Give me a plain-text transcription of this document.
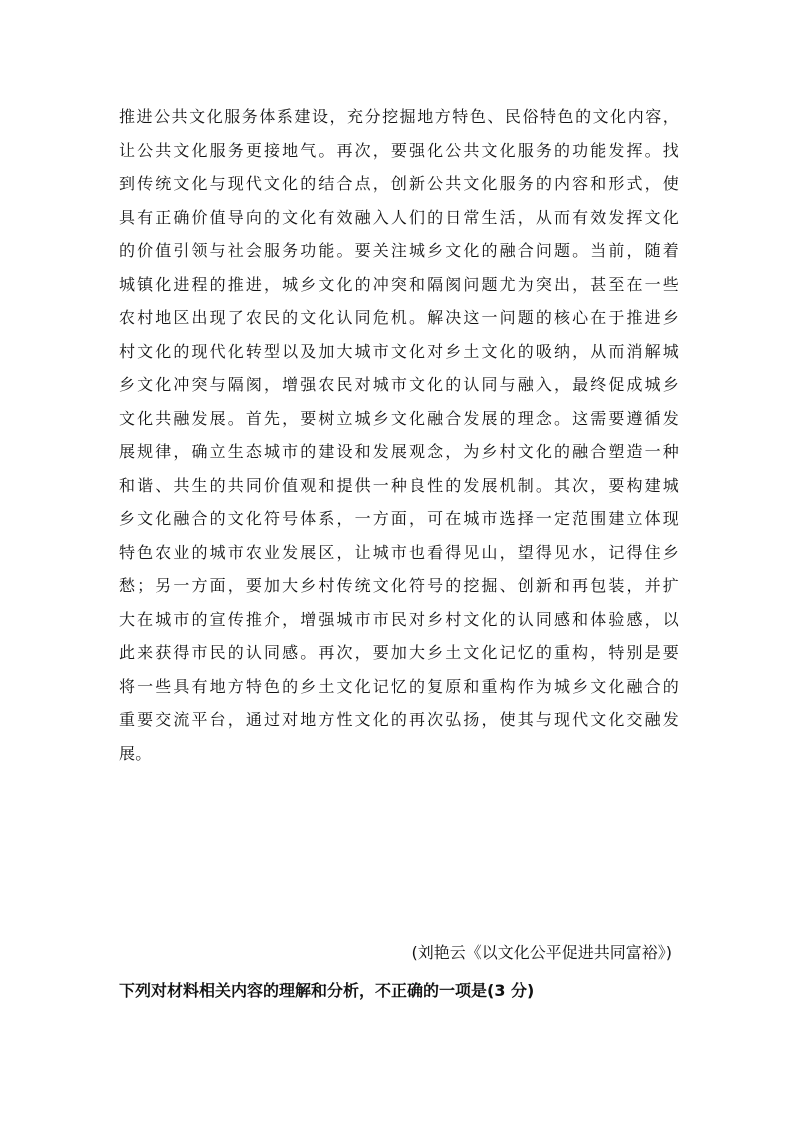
推进公共文化服务体系建设，充分挖掘地方特色、民俗特色的文化内容，
让公共文化服务更接地气。再次，要强化公共文化服务的功能发挥。找
到传统文化与现代文化的结合点，创新公共文化服务的内容和形式，使
具有正确价值导向的文化有效融入人们的日常生活，从而有效发挥文化
的价值引领与社会服务功能。要关注城乡文化的融合问题。当前，随着
城镇化进程的推进，城乡文化的冲突和隔阂问题尤为突出，甚至在一些
农村地区出现了农民的文化认同危机。解决这一问题的核心在于推进乡
村文化的现代化转型以及加大城市文化对乡土文化的吸纳，从而消解城
乡文化冲突与隔阂，增强农民对城市文化的认同与融入，最终促成城乡
文化共融发展。首先，要树立城乡文化融合发展的理念。这需要遵循发
展规律，确立生态城市的建设和发展观念，为乡村文化的融合塑造一种
和谐、共生的共同价值观和提供一种良性的发展机制。其次，要构建城
乡文化融合的文化符号体系，一方面，可在城市选择一定范围建立体现
特色农业的城市农业发展区，让城市也看得见山，望得见水，记得住乡
愁；另一方面，要加大乡村传统文化符号的挖掘、创新和再包装，并扩
大在城市的宣传推介，增强城市市民对乡村文化的认同感和体验感，以
此来获得市民的认同感。再次，要加大乡土文化记忆的重构，特别是要
将一些具有地方特色的乡土文化记忆的复原和重构作为城乡文化融合的
重要交流平台，通过对地方性文化的再次弘扬，使其与现代文化交融发
展。
(刘艳云《以文化公平促进共同富裕》)
下列对材料相关内容的理解和分析，不正确的一项是(3 分)
